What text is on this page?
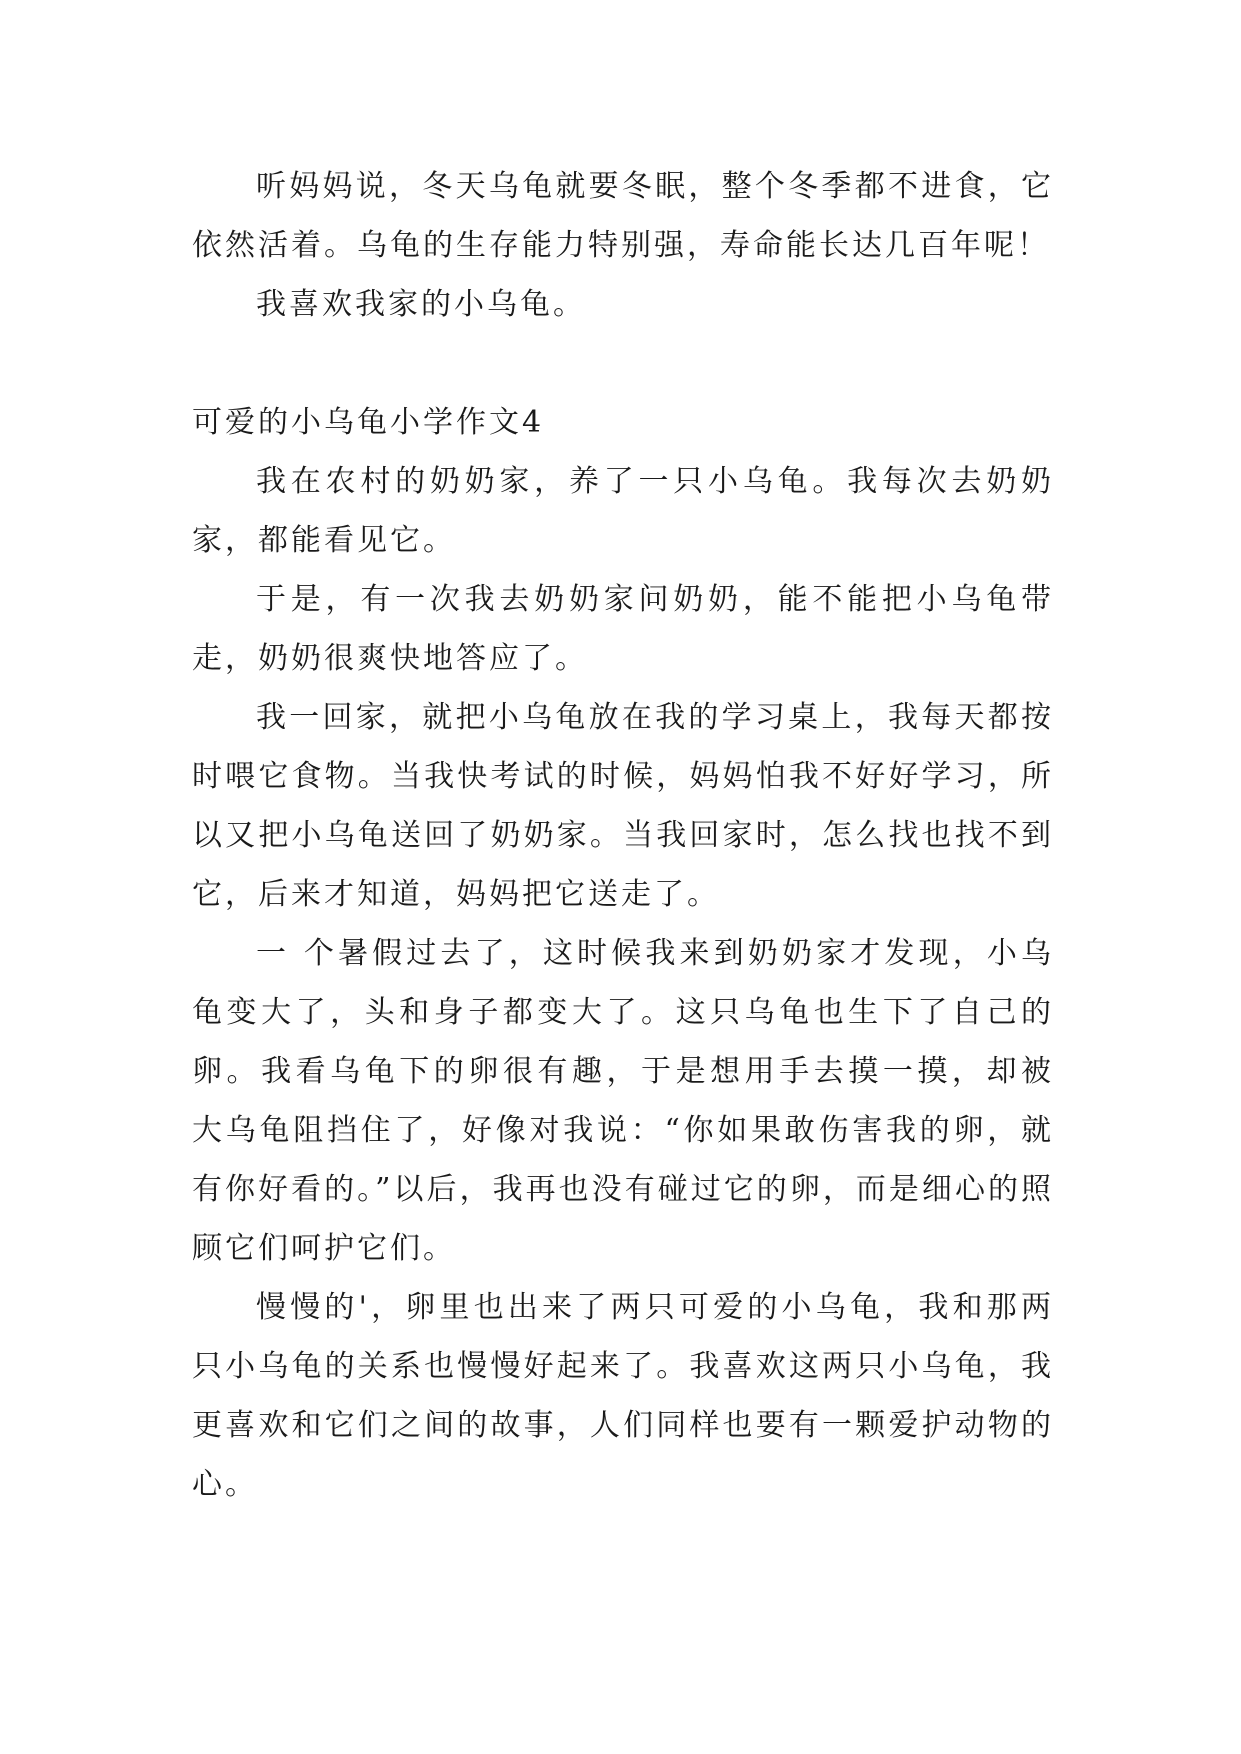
听妈妈说，冬天乌龟就要冬眠，整个冬季都不进食，它依然活着。乌龟的生存能力特别强，寿命能长达几百年呢！

我喜欢我家的小乌龟。

可爱的小乌龟小学作文4

我在农村的奶奶家，养了一只小乌龟。我每次去奶奶家，都能看见它。

于是，有一次我去奶奶家问奶奶，能不能把小乌龟带走，奶奶很爽快地答应了。

我一回家，就把小乌龟放在我的学习桌上，我每天都按时喂它食物。当我快考试的时候，妈妈怕我不好好学习，所以又把小乌龟送回了奶奶家。当我回家时，怎么找也找不到它，后来才知道，妈妈把它送走了。

一 个暑假过去了，这时候我来到奶奶家才发现，小乌龟变大了，头和身子都变大了。这只乌龟也生下了自己的卵。我看乌龟下的卵很有趣，于是想用手去摸一摸，却被 大乌龟阻挡住了，好像对我说：“你如果敢伤害我的卵，就有你好看的。”以后，我再也没有碰过它的卵，而是细心的照顾它们呵护它们。

慢慢的'，卵里也出来了两只可爱的小乌龟，我和那两只小乌龟的关系也慢慢好起来了。我喜欢这两只小乌龟，我更喜欢和它们之间的故事，人们同样也要有一颗爱护动物的心。
